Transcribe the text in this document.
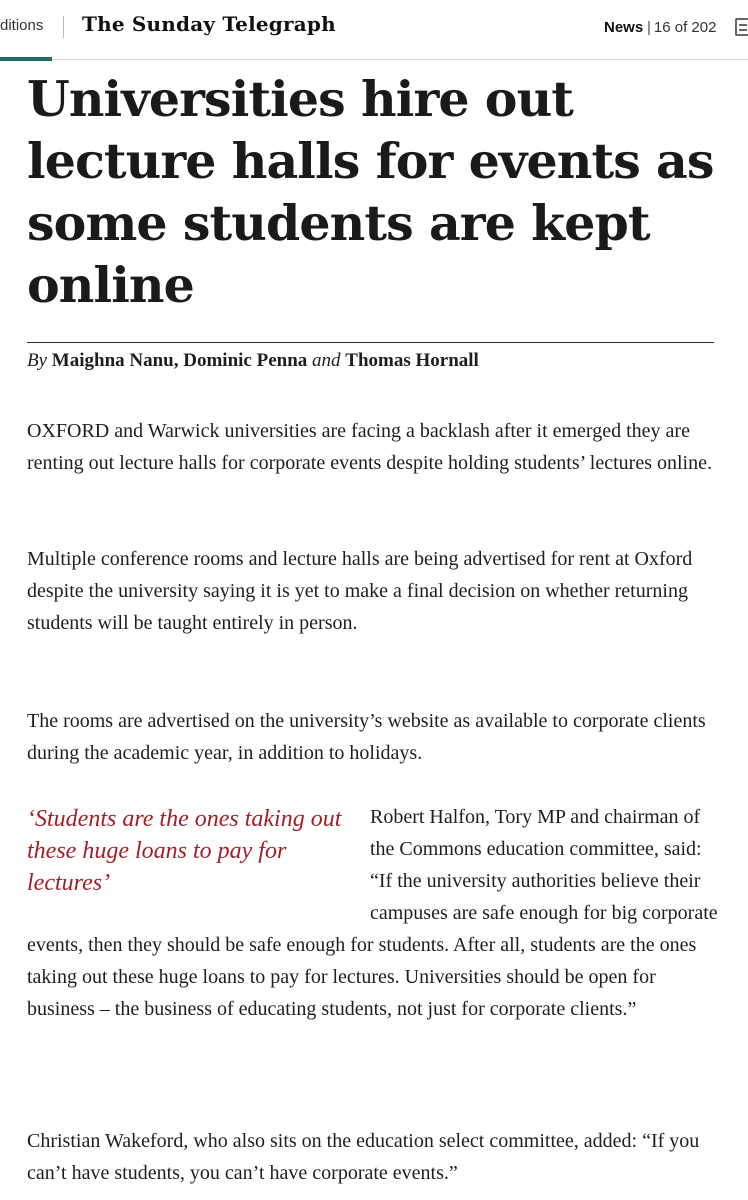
ditions The Sunday Telegraph	News | 16 of 202
Universities hire out lecture halls for events as some students are kept online
By Maighna Nanu, Dominic Penna and Thomas Hornall

OXFORD and Warwick universities are facing a backlash after it emerged they are renting out lecture halls for corporate events despite holding students’ lectures online.

Multiple conference rooms and lecture halls are being advertised for rent at Oxford despite the university saying it is yet to make a final decision on whether returning students will be taught entirely in person.

The rooms are advertised on the university’s website as available to corporate clients during the academic year, in addition to holidays.

‘Students are the ones taking out these huge loans to pay for lectures’
Robert Halfon, Tory MP and chairman of the Commons education committee, said: “If the university authorities believe their campuses are safe enough for big corporate events, then they should be safe enough for students. After all, students are the ones taking out these huge loans to pay for lectures. Universities should be open for business – the business of educating students, not just for corporate clients.”

Christian Wakeford, who also sits on the education select committee, added: “If you can’t have students, you can’t have corporate events.”
